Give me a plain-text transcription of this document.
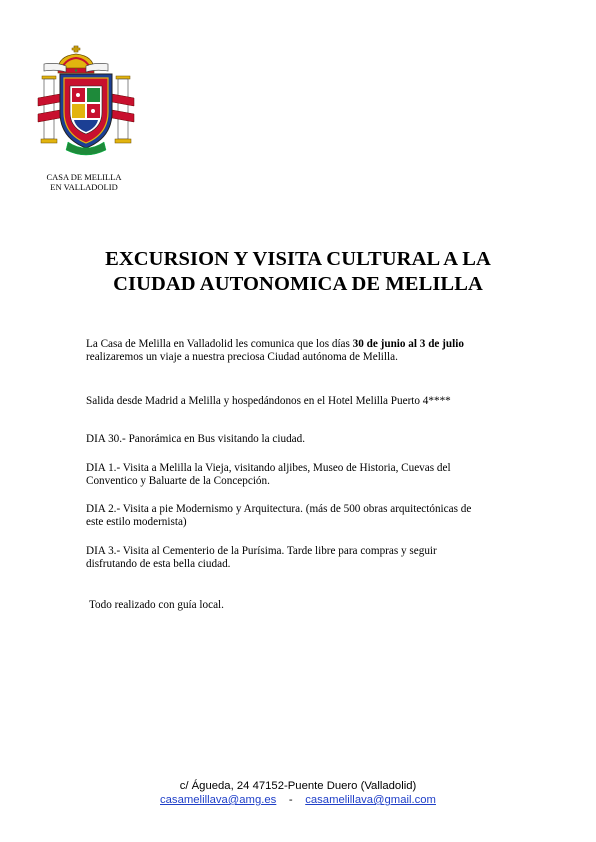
CASA DE MELILLA
EN VALLADOLID
EXCURSION Y VISITA CULTURAL A LA
CIUDAD AUTONOMICA DE MELILLA
La Casa de Melilla en Valladolid les comunica que los días 30 de junio al 3 de julio
realizaremos un viaje a nuestra preciosa Ciudad autónoma de Melilla.
Salida desde Madrid a Melilla y hospedándonos en el Hotel Melilla Puerto 4****
DIA 30.- Panorámica en Bus visitando la ciudad.
DIA 1.- Visita a Melilla la Vieja, visitando aljibes, Museo de Historia, Cuevas del
Conventico y Baluarte de la Concepción.
DIA 2.- Visita a pie Modernismo y Arquitectura. (más de 500 obras arquitectónicas de
este estilo modernista)
DIA 3.- Visita al Cementerio de la Purísima. Tarde libre para compras y seguir
disfrutando de esta bella ciudad.
Todo realizado con guía local.
c/ Águeda, 24 47152-Puente Duero (Valladolid)
casamelillava@amg.es - casamelillava@gmail.com
